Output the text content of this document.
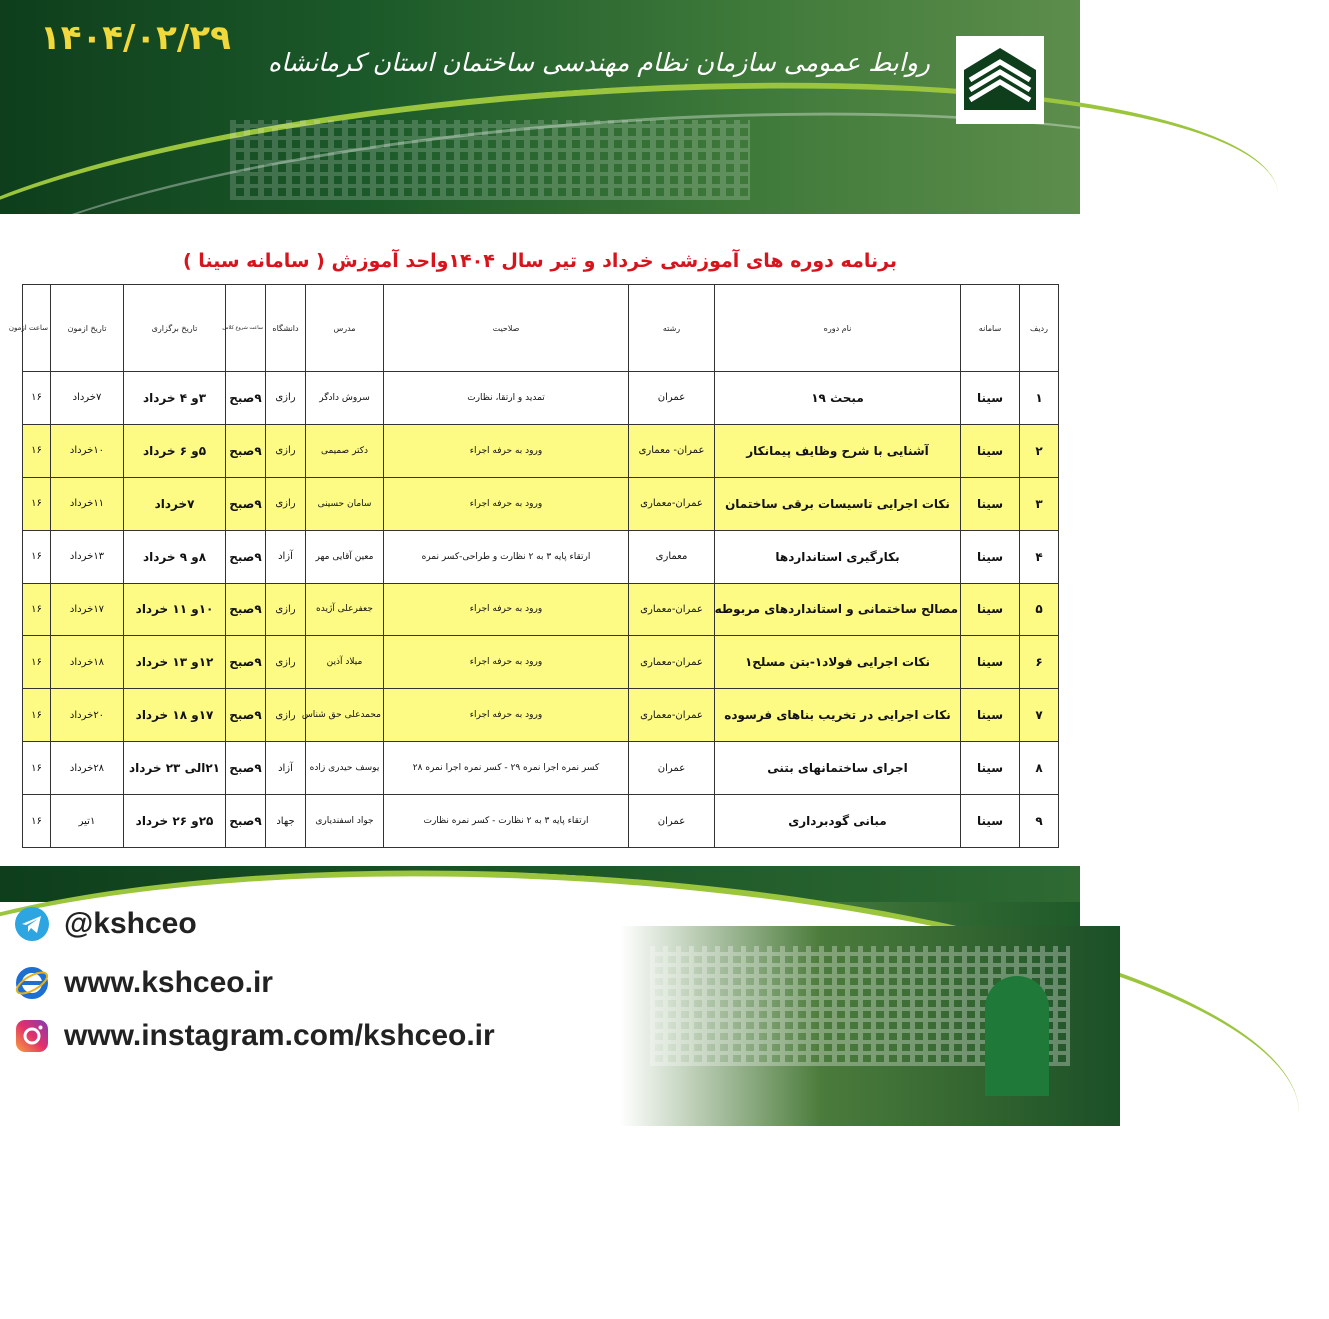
۱۴۰۴/۰۲/۲۹
روابط عمومی سازمان نظام مهندسی ساختمان استان کرمانشاه
برنامه دوره های آموزشی خرداد و تیر سال ۱۴۰۴واحد آموزش ( سامانه سینا )
ردیف	سامانه	نام دوره	رشته	صلاحیت	مدرس	دانشگاه	ساعت شروع کلاس	تاریخ برگزاری	تاریخ ازمون	ساعت ازمون
۱	سینا	مبحث ۱۹	عمران	تمدید و ارتقا، نظارت	سروش دادگر	رازی	۹صبح	۳و ۴ خرداد	۷خرداد	۱۶
۲	سینا	آشنایی با شرح وظایف پیمانکار	عمران- معماری	ورود به حرفه اجراء	دکتر صمیمی	رازی	۹صبح	۵و ۶ خرداد	۱۰خرداد	۱۶
۳	سینا	نکات اجرایی تاسیسات برقی ساختمان	عمران-معماری	ورود به حرفه اجراء	سامان حسینی	رازی	۹صبح	۷خرداد	۱۱خرداد	۱۶
۴	سینا	بکارگیری استانداردها	معماری	ارتقاء پایه ۳ به ۲ نظارت و طراحی-کسر نمره	معین آقایی مهر	آزاد	۹صبح	۸و ۹ خرداد	۱۳خرداد	۱۶
۵	سینا	مصالح ساختمانی و استانداردهای مربوطه	عمران-معماری	ورود به حرفه اجراء	جعفرعلی آژیده	رازی	۹صبح	۱۰و ۱۱ خرداد	۱۷خرداد	۱۶
۶	سینا	نکات اجرایی فولاد۱-بتن مسلح۱	عمران-معماری	ورود به حرفه اجراء	میلاد آذین	رازی	۹صبح	۱۲و ۱۳ خرداد	۱۸خرداد	۱۶
۷	سینا	نکات اجرایی در تخریب بناهای فرسوده	عمران-معماری	ورود به حرفه اجراء	محمدعلی حق شناس	رازی	۹صبح	۱۷و ۱۸ خرداد	۲۰خرداد	۱۶
۸	سینا	اجرای ساختمانهای بتنی	عمران	کسر نمره اجرا نمره ۲۹ - کسر نمره اجرا نمره ۲۸	یوسف حیدری زاده	آزاد	۹صبح	۲۱الی ۲۳ خرداد	۲۸خرداد	۱۶
۹	سینا	مبانی گودبرداری	عمران	ارتقاء پایه ۳ به ۲ نظارت - کسر نمره نظارت	جواد اسفندیاری	جهاد	۹صبح	۲۵و ۲۶ خرداد	۱تیر	۱۶
@kshceo
www.kshceo.ir
www.instagram.com/kshceo.ir
